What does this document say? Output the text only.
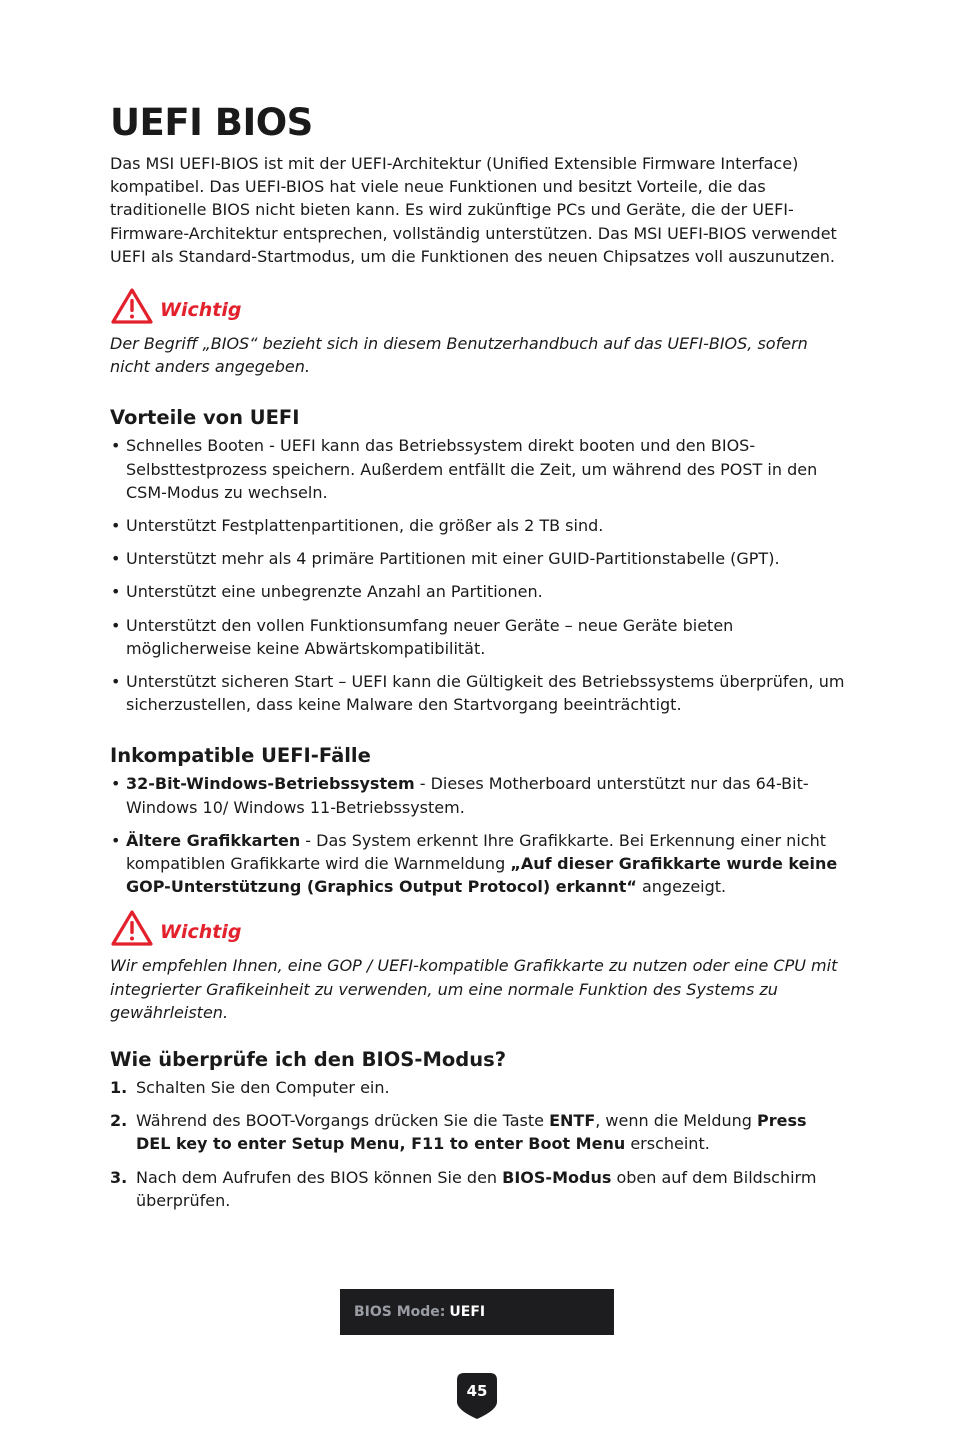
UEFI BIOS

Das MSI UEFI-BIOS ist mit der UEFI-Architektur (Unified Extensible Firmware Interface) kompatibel. Das UEFI-BIOS hat viele neue Funktionen und besitzt Vorteile, die das traditionelle BIOS nicht bieten kann. Es wird zukünftige PCs und Geräte, die der UEFI-Firmware-Architektur entsprechen, vollständig unterstützen. Das MSI UEFI-BIOS verwendet UEFI als Standard-Startmodus, um die Funktionen des neuen Chipsatzes voll auszunutzen.

Wichtig

Der Begriff „BIOS“ bezieht sich in diesem Benutzerhandbuch auf das UEFI-BIOS, sofern nicht anders angegeben.

Vorteile von UEFI
• Schnelles Booten - UEFI kann das Betriebssystem direkt booten und den BIOS-Selbsttestprozess speichern. Außerdem entfällt die Zeit, um während des POST in den CSM-Modus zu wechseln.
• Unterstützt Festplattenpartitionen, die größer als 2 TB sind.
• Unterstützt mehr als 4 primäre Partitionen mit einer GUID-Partitionstabelle (GPT).
• Unterstützt eine unbegrenzte Anzahl an Partitionen.
• Unterstützt den vollen Funktionsumfang neuer Geräte – neue Geräte bieten möglicherweise keine Abwärtskompatibilität.
• Unterstützt sicheren Start – UEFI kann die Gültigkeit des Betriebssystems überprüfen, um sicherzustellen, dass keine Malware den Startvorgang beeinträchtigt.
Inkompatible UEFI-Fälle
• 32-Bit-Windows-Betriebssystem - Dieses Motherboard unterstützt nur das 64-Bit-Windows 10/ Windows 11-Betriebssystem.
• Ältere Grafikkarten - Das System erkennt Ihre Grafikkarte. Bei Erkennung einer nicht kompatiblen Grafikkarte wird die Warnmeldung „Auf dieser Grafikkarte wurde keine GOP-Unterstützung (Graphics Output Protocol) erkannt“ angezeigt.
Wichtig

Wir empfehlen Ihnen, eine GOP / UEFI-kompatible Grafikkarte zu nutzen oder eine CPU mit integrierter Grafikeinheit zu verwenden, um eine normale Funktion des Systems zu gewährleisten.

Wie überprüfe ich den BIOS-Modus?
1. Schalten Sie den Computer ein.
2. Während des BOOT-Vorgangs drücken Sie die Taste ENTF, wenn die Meldung Press DEL key to enter Setup Menu, F11 to enter Boot Menu erscheint.
3. Nach dem Aufrufen des BIOS können Sie den BIOS-Modus oben auf dem Bildschirm überprüfen.
BIOS Mode: UEFI
45
